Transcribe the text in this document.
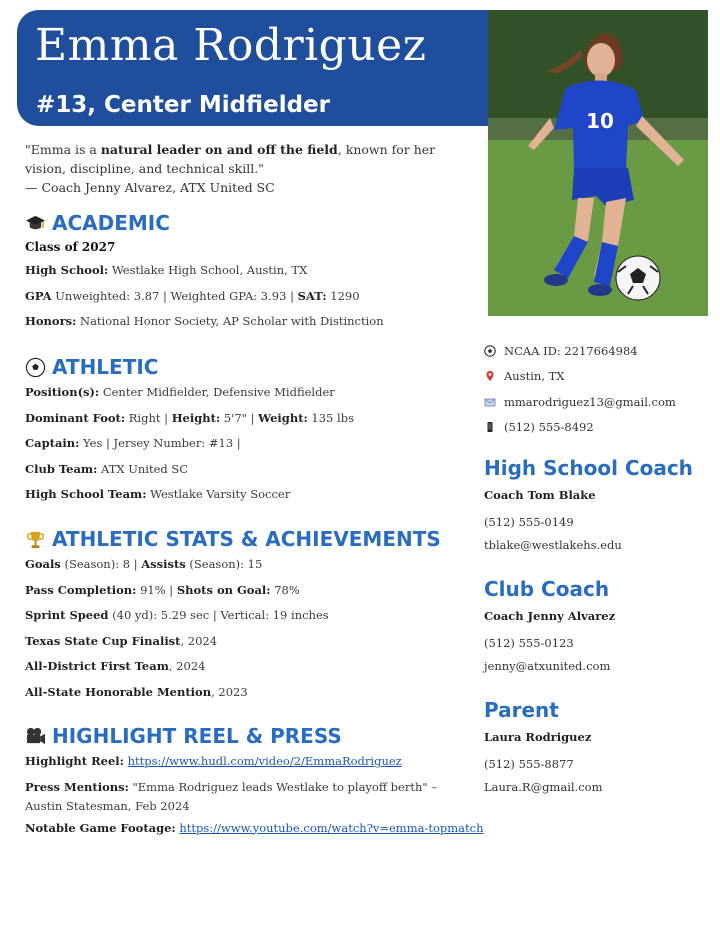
Emma Rodriguez
#13, Center Midfielder
10
"Emma is a natural leader on and off the field, known for her vision, discipline, and technical skill."
— Coach Jenny Alvarez, ATX United SC
ACADEMIC
Class of 2027
High School: Westlake High School, Austin, TX
GPA Unweighted: 3.87 | Weighted GPA: 3.93 | SAT: 1290
Honors: National Honor Society, AP Scholar with Distinction
ATHLETIC
Position(s): Center Midfielder, Defensive Midfielder
Dominant Foot: Right | Height: 5'7" | Weight: 135 lbs
Captain: Yes | Jersey Number: #13 |
Club Team: ATX United SC
High School Team: Westlake Varsity Soccer
ATHLETIC STATS & ACHIEVEMENTS
Goals (Season): 8 | Assists (Season): 15
Pass Completion: 91% | Shots on Goal: 78%
Sprint Speed (40 yd): 5.29 sec | Vertical: 19 inches
Texas State Cup Finalist, 2024
All-District First Team, 2024
All-State Honorable Mention, 2023
HIGHLIGHT REEL & PRESS
Highlight Reel: https://www.hudl.com/video/2/EmmaRodriguez
Press Mentions: "Emma Rodriguez leads Westlake to playoff berth" –
Austin Statesman, Feb 2024
Notable Game Footage: https://www.youtube.com/watch?v=emma-topmatch
NCAA ID: 2217664984
Austin, TX
mmarodriguez13@gmail.com
(512) 555-8492
High School Coach
Coach Tom Blake
(512) 555-0149
tblake@westlakehs.edu
Club Coach
Coach Jenny Alvarez
(512) 555-0123
jenny@atxunited.com
Parent
Laura Rodriguez
(512) 555-8877
Laura.R@gmail.com
